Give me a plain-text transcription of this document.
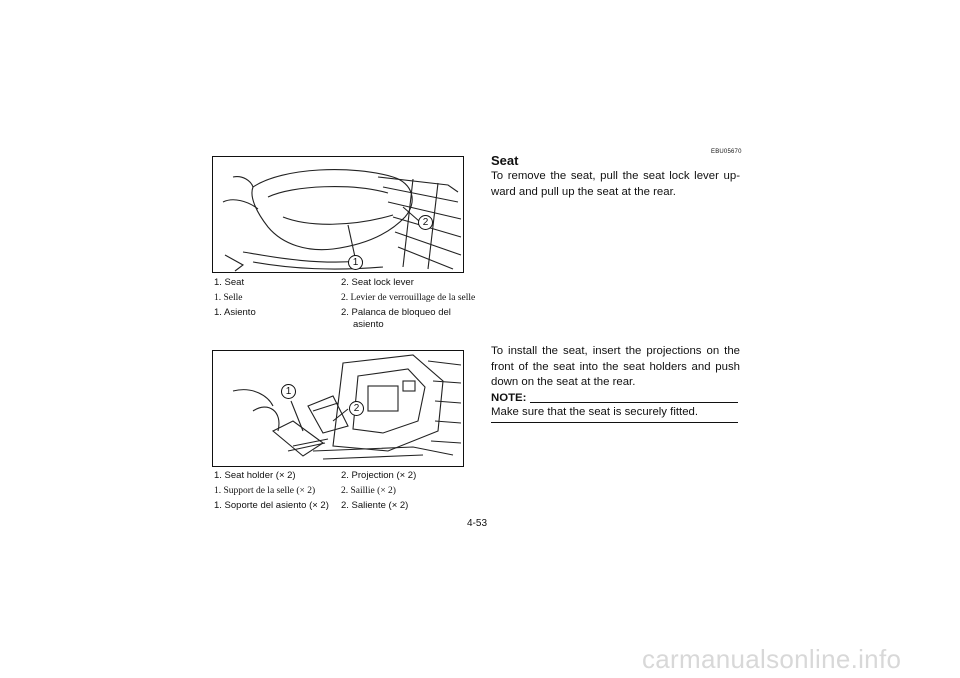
1
2
1. Seat	2. Seat lock lever
1. Selle	2. Levier de verrouillage de la selle
1. Asiento	2. Palanca de bloqueo del
asiento
1
2
1. Seat holder (× 2)	2. Projection (× 2)
1. Support de la selle (× 2)	2. Saillie (× 2)
1. Soporte del asiento (× 2) 2. Saliente (× 2)
EBU05670
Seat
To remove the seat, pull the seat lock lever up-ward and pull up the seat at the rear.
To install the seat, insert the projections on the front of the seat into the seat holders and push down on the seat at the rear.
NOTE:
Make sure that the seat is securely fitted.
4-53
carmanualsonline.info
